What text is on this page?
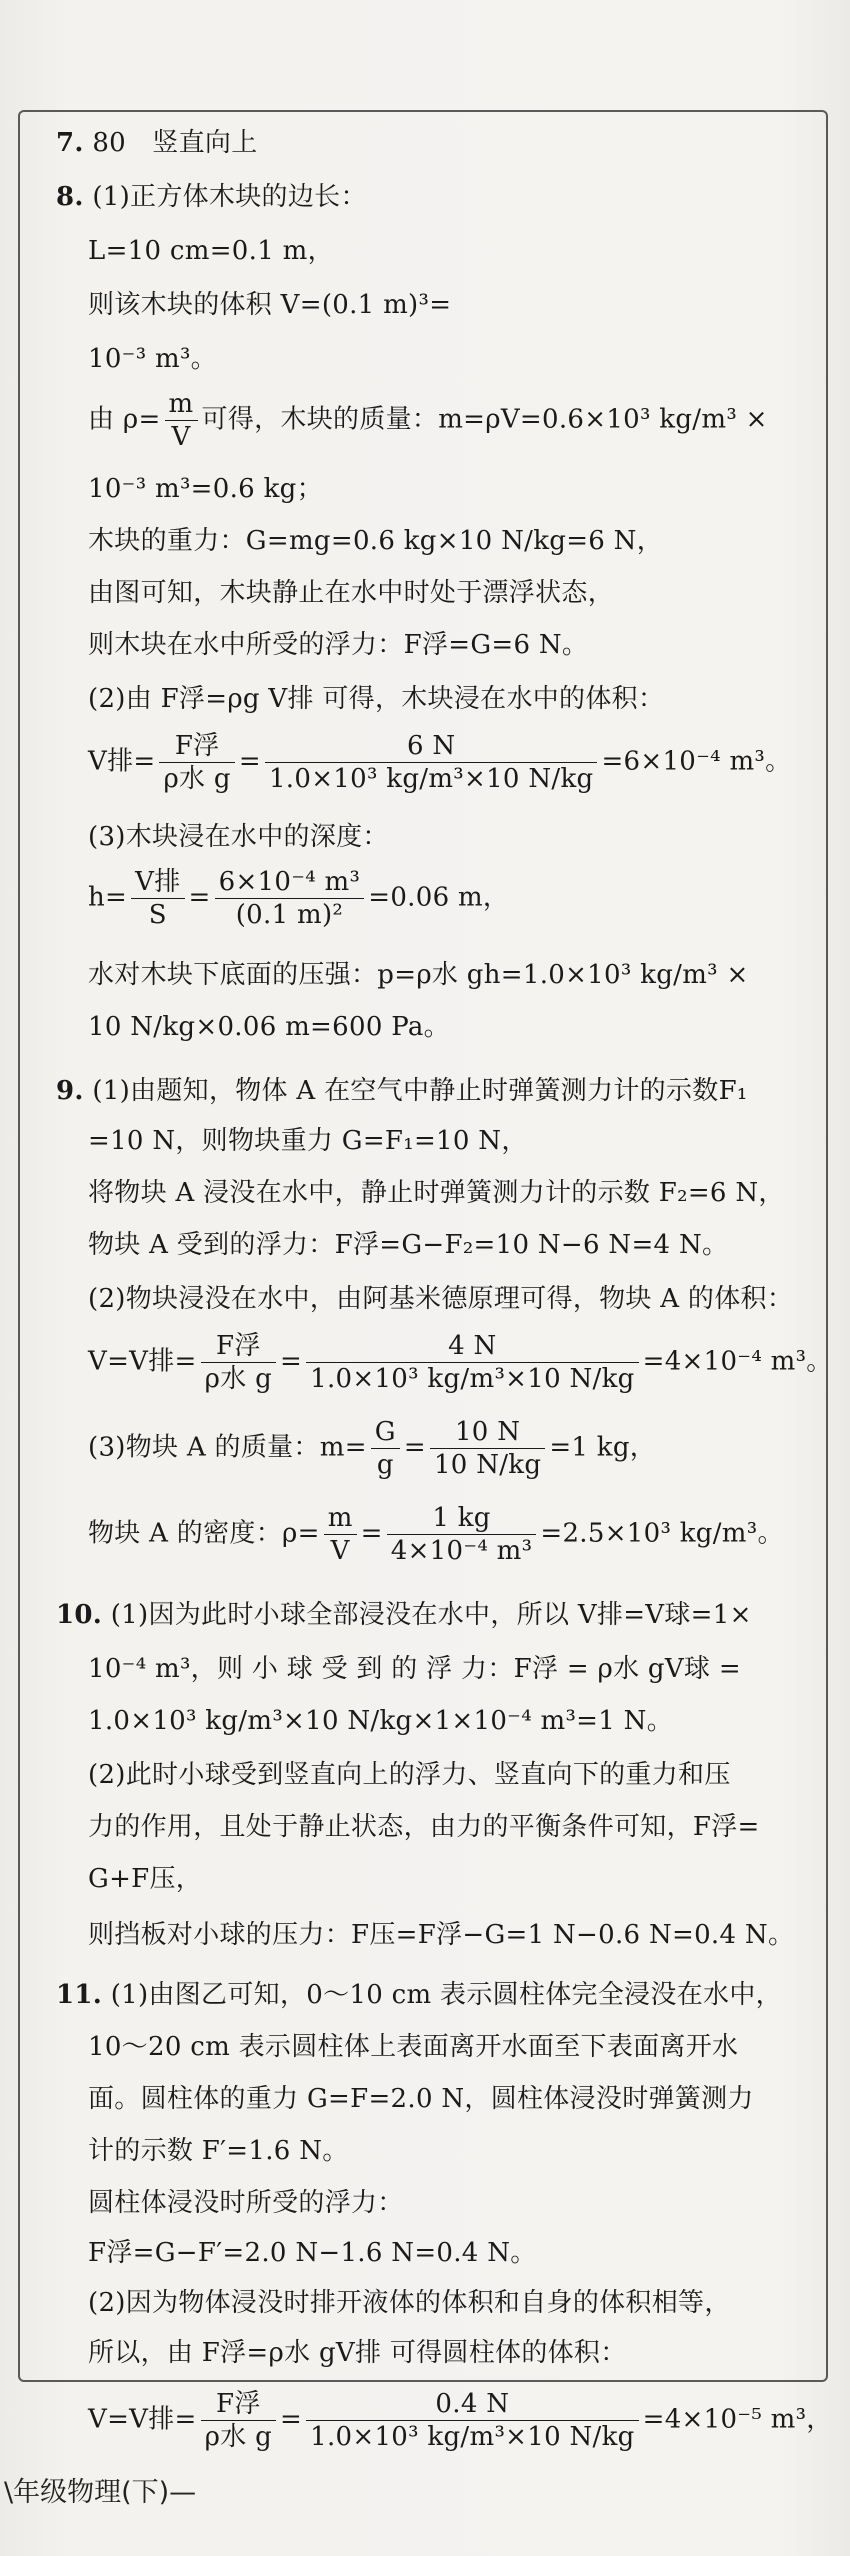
7. 80　竖直向上
8. (1)正方体木块的边长：
L=10 cm=0.1 m，
则该木块的体积 V=(0.1 m)³=
10⁻³ m³。
由 $\rho= \frac{m}{V}$ 可得，木块的质量：m=ρV=0.6×10³ kg/m³ ×
10⁻³ m³=0.6 kg；
木块的重力：G=mg=0.6 kg×10 N/kg=6 N，
由图可知，木块静止在水中时处于漂浮状态，
则木块在水中所受的浮力：F浮=G=6 N。
(2)由 F浮=ρg V排 可得，木块浸在水中的体积：
V排= $\frac{\text{F浮}}{\text{ρ水 g}} = \frac{6 N}{\text{1.0×10³ kg/m³×10 N/kg}} =6\times 10^{-4}$ m³。
(3)木块浸在水中的深度：
$h= \frac{\text{V排}}{S} = \frac{\text{6×10⁻⁴ m³}}{\text{(0.1 m)²}} =0.06$ m，
水对木块下底面的压强：p=ρ水 gh=1.0×10³ kg/m³ ×
10 N/kg×0.06 m=600 Pa。
9. (1)由题知，物体 A 在空气中静止时弹簧测力计的示数F₁
=10 N，则物块重力 G=F₁=10 N，
将物块 A 浸没在水中，静止时弹簧测力计的示数 F₂=6 N，
物块 A 受到的浮力：F浮=G−F₂=10 N−6 N=4 N。
(2)物块浸没在水中，由阿基米德原理可得，物块 A 的体积：
V=V排= $\frac{\text{F浮}}{\text{ρ水 g}} = \frac{4 N}{\text{1.0×10³ kg/m³×10 N/kg}} =4\times 10^{-4}$ m³。
(3)物块 A 的质量：$m= \frac{G}{g} = \frac{10 N}{10 N/kg} =1$ kg，
物块 A 的密度：$\rho= \frac{m}{V} = \frac{1 kg}{\text{4×10⁻⁴ m³}} =2.5\times 10^3$ kg/m³。
10. (1)因为此时小球全部浸没在水中，所以 V排=V球=1×
10⁻⁴ m³，则 小 球 受 到 的 浮 力：F浮 = ρ水 gV球 =
1.0×10³ kg/m³×10 N/kg×1×10⁻⁴ m³=1 N。
(2)此时小球受到竖直向上的浮力、竖直向下的重力和压
力的作用，且处于静止状态，由力的平衡条件可知，F浮=
G+F压，
则挡板对小球的压力：F压=F浮−G=1 N−0.6 N=0.4 N。
11. (1)由图乙可知，0～10 cm 表示圆柱体完全浸没在水中，
10～20 cm 表示圆柱体上表面离开水面至下表面离开水
面。圆柱体的重力 G=F=2.0 N，圆柱体浸没时弹簧测力
计的示数 F′=1.6 N。
圆柱体浸没时所受的浮力：
F浮=G−F′=2.0 N−1.6 N=0.4 N。
(2)因为物体浸没时排开液体的体积和自身的体积相等，
所以，由 F浮=ρ水 gV排 可得圆柱体的体积：
V=V排= $\frac{\text{F浮}}{\text{ρ水 g}} = \frac{0.4 N}{\text{1.0×10³ kg/m³×10 N/kg}} =4\times 10^{-5}$ m³，
\年级物理(下)—
